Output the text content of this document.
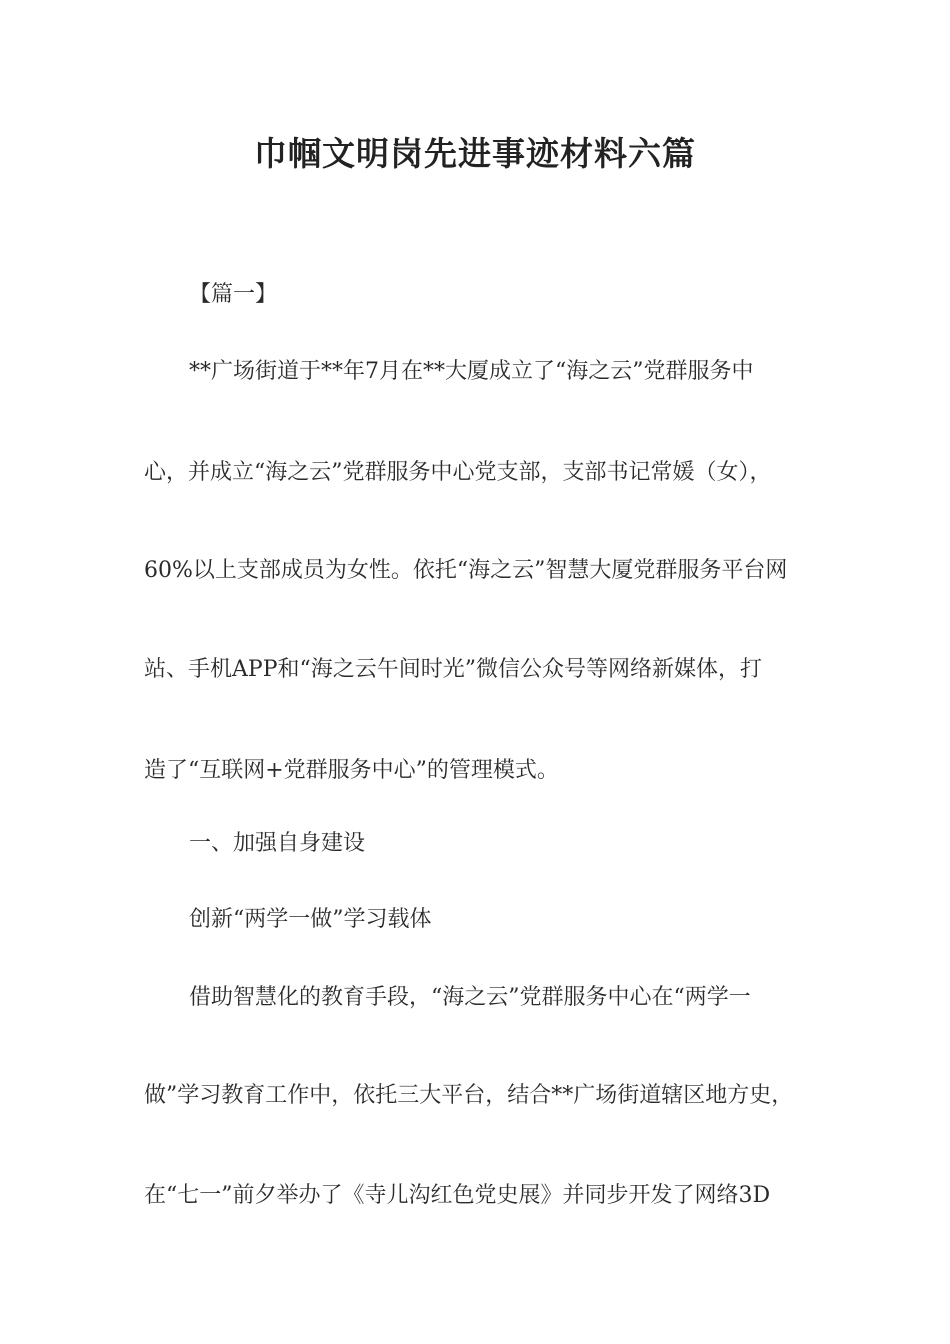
巾帼文明岗先进事迹材料六篇
【篇一】
**广场街道于**年7月在**大厦成立了“海之云”党群服务中
心，并成立“海之云”党群服务中心党支部，支部书记常媛（女），
60%以上支部成员为女性。依托“海之云”智慧大厦党群服务平台网
站、手机APP和“海之云午间时光”微信公众号等网络新媒体，打
造了“互联网+党群服务中心”的管理模式。
一、加强自身建设
创新“两学一做”学习载体
借助智慧化的教育手段，“海之云”党群服务中心在“两学一
做”学习教育工作中，依托三大平台，结合**广场街道辖区地方史，
在“七一”前夕举办了《寺儿沟红色党史展》并同步开发了网络3D
